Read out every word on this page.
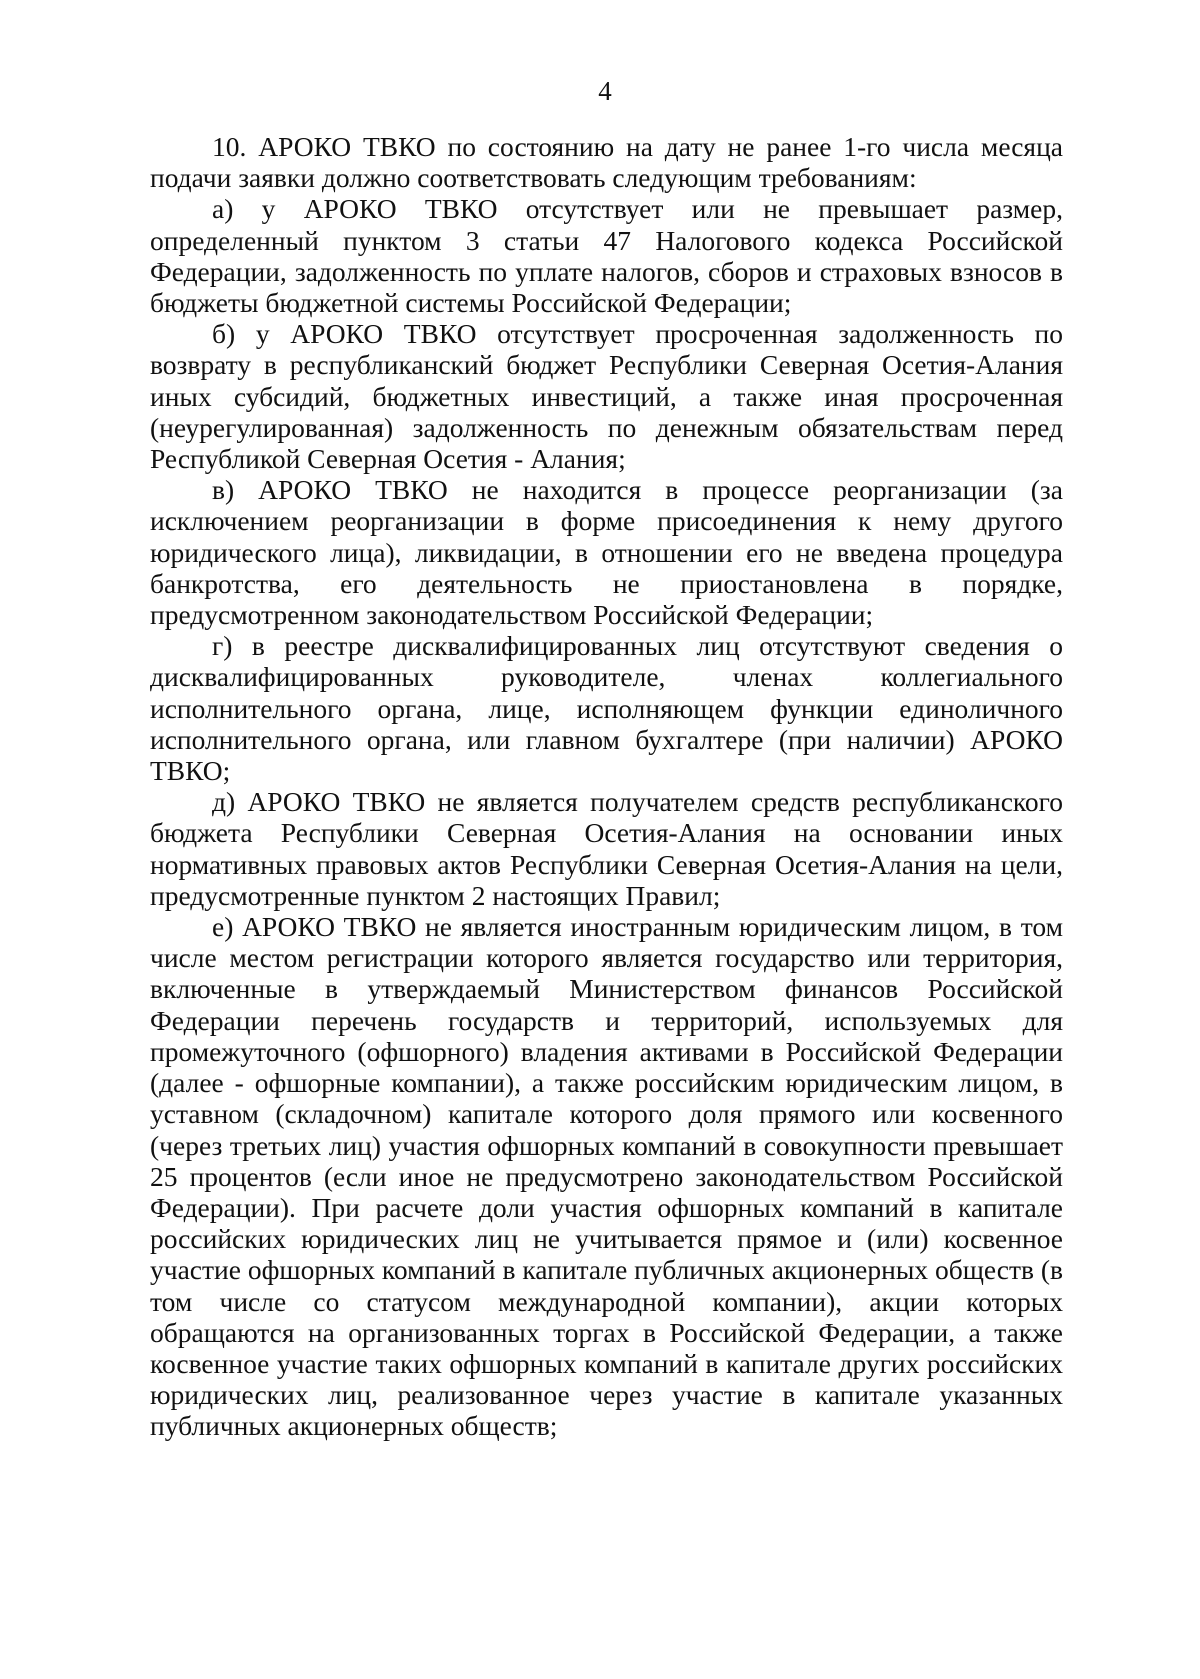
4

10. АРОКО ТВКО по состоянию на дату не ранее 1-го числа месяца подачи заявки должно соответствовать следующим требованиям:

а) у АРОКО ТВКО отсутствует или не превышает размер, определенный пунктом 3 статьи 47 Налогового кодекса Российской Федерации, задолженность по уплате налогов, сборов и страховых взносов в бюджеты бюджетной системы Российской Федерации;

б) у АРОКО ТВКО отсутствует просроченная задолженность по возврату в республиканский бюджет Республики Северная Осетия-Алания иных субсидий, бюджетных инвестиций, а также иная просроченная (неурегулированная) задолженность по денежным обязательствам перед Республикой Северная Осетия - Алания;

в) АРОКО ТВКО не находится в процессе реорганизации (за исключением реорганизации в форме присоединения к нему другого юридического лица), ликвидации, в отношении его не введена процедура банкротства, его деятельность не приостановлена в порядке, предусмотренном законодательством Российской Федерации;

г) в реестре дисквалифицированных лиц отсутствуют сведения о дисквалифицированных руководителе, членах коллегиального исполнительного органа, лице, исполняющем функции единоличного исполнительного органа, или главном бухгалтере (при наличии) АРОКО ТВКО;

д) АРОКО ТВКО не является получателем средств республиканского бюджета Республики Северная Осетия-Алания на основании иных нормативных правовых актов Республики Северная Осетия-Алания на цели, предусмотренные пунктом 2 настоящих Правил;

е) АРОКО ТВКО не является иностранным юридическим лицом, в том числе местом регистрации которого является государство или территория, включенные в утверждаемый Министерством финансов Российской Федерации перечень государств и территорий, используемых для промежуточного (офшорного) владения активами в Российской Федерации (далее - офшорные компании), а также российским юридическим лицом, в уставном (складочном) капитале которого доля прямого или косвенного (через третьих лиц) участия офшорных компаний в совокупности превышает 25 процентов (если иное не предусмотрено законодательством Российской Федерации). При расчете доли участия офшорных компаний в капитале российских юридических лиц не учитывается прямое и (или) косвенное участие офшорных компаний в капитале публичных акционерных обществ (в том числе со статусом международной компании), акции которых обращаются на организованных торгах в Российской Федерации, а также косвенное участие таких офшорных компаний в капитале других российских юридических лиц, реализованное через участие в капитале указанных публичных акционерных обществ;
